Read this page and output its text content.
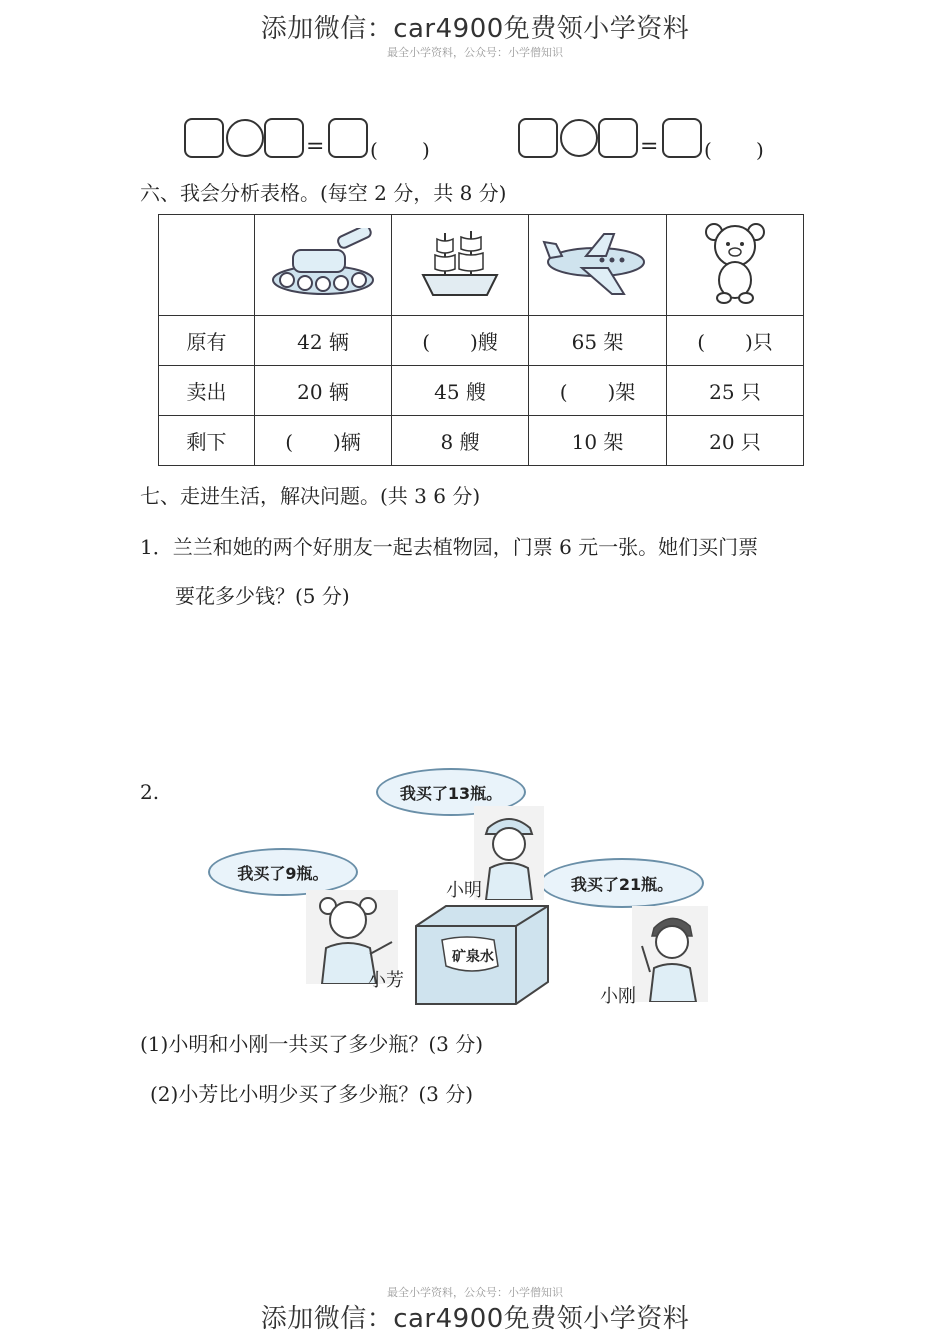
添加微信：car4900免费领小学资料
最全小学资料，公众号：小学僧知识
= ( )	= ( )
六、我会分析表格。(每空 2 分，共 8 分)

原有	42 辆	(　　)艘	65 架	(　　)只
卖出	20 辆	45 艘	(　　)架	25 只
剩下	(　　)辆	8 艘	10 架	20 只
七、走进生活，解决问题。(共 3 6 分)
1．兰兰和她的两个好朋友一起去植物园，门票 6 元一张。她们买门票
要花多少钱？(5 分)
2.	我买了13瓶。
我买了9瓶。
我买了21瓶。
小明
小芳
矿泉水
小刚
(1)小明和小刚一共买了多少瓶？(3 分)
(2)小芳比小明少买了多少瓶？(3 分)
最全小学资料，公众号：小学僧知识
添加微信：car4900免费领小学资料
